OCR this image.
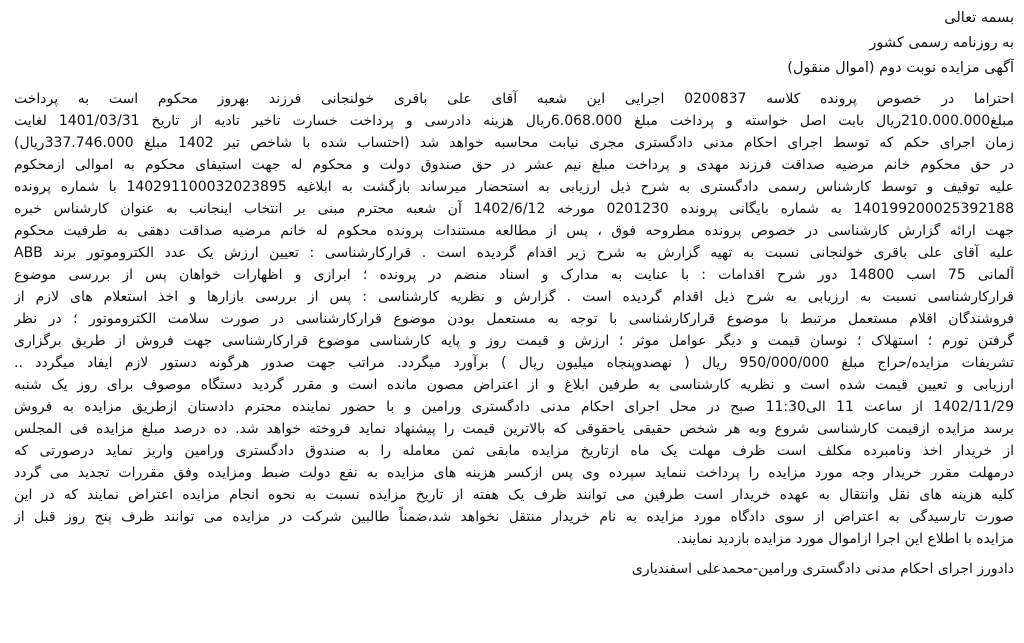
بسمه تعالی
به روزنامه رسمی کشور
آگهی مزایده نوبت دوم (اموال منقول)
احتراما در خصوص پرونده کلاسه 0200837 اجرایی این شعبه آقای علی باقری خولنجانی فرزند بهروز محکوم است به پرداخت
مبلغ210.000.000ریال بابت اصل خواسته و پرداخت مبلغ 6.068.000ریال هزینه دادرسی و پرداخت خسارت تاخیر تادیه از تاریخ 1401/03/31 لغایت
زمان اجرای حکم که توسط اجرای احکام مدنی دادگستری مجری نیابت محاسبه خواهد شد (احتساب شده با شاخص تیر 1402 مبلغ 337.746.000ریال)
در حق محکوم خانم مرضیه صداقت فرزند مهدی و پرداخت مبلغ نیم عشر در حق صندوق دولت و محکوم له جهت استیفای محکوم به اموالی ازمحکوم
علیه توقیف و توسط کارشناس رسمی دادگستری به شرح ذیل ارزیابی به استحضار میرساند بازگشت به ابلاغیه 140291100032023895 با شماره پرونده
140199200025392188 به شماره بایگانی پرونده 0201230 مورخه 1402/6/12 آن شعبه محترم مبنی بر انتخاب اینجانب به عنوان کارشناس خبره
جهت ارائه گزارش کارشناسی در خصوص پرونده مطروحه فوق ، پس از مطالعه مستندات پرونده محکوم له خانم مرضیه صداقت دهقی به طرفیت محکوم
علیه آقای علی باقری خولنجانی نسبت به تهیه گزارش به شرح زیر اقدام گردیده است . قرارکارشناسی : تعیین ارزش یک عدد الکتروموتور برند ABB
آلمانی 75 اسب 14800 دور شرح اقدامات : با عنایت به مدارک و اسناد منضم در پرونده ؛ ابرازی و اظهارات خواهان پس از بررسی موضوع
قرارکارشناسی نسبت به ارزیابی به شرح ذیل اقدام گردیده است . گزارش و نظریه کارشناسی : پس از بررسی بازارها و اخذ استعلام های لازم از
فروشندگان اقلام مستعمل مرتبط با موضوع قرارکارشناسی با توجه به مستعمل بودن موضوع قرارکارشناسی در صورت سلامت الکتروموتور ؛ در نظر
گرفتن تورم ؛ استهلاک ؛ نوسان قیمت و دیگر عوامل موثر ؛ ارزش و قیمت روز و پایه کارشناسی موضوع قرارکارشناسی جهت فروش از طریق برگزاری
تشریفات مزایده/حراج مبلغ 950/000/000 ریال ( نهصدوپنجاه میلیون ریال ) برآورد میگردد. مراتب جهت صدور هرگونه دستور لازم ایفاد میگردد ..
ارزیابی و تعیین قیمت شده است و نظریه کارشناسی به طرفین ابلاغ و از اعتراض مصون مانده است و مقرر گردید دستگاه موصوف برای روز یک شنبه
1402/11/29 از ساعت 11 الی11:30 صبح در محل اجرای احکام مدنی دادگستری ورامین و با حضور نماینده محترم دادستان ازطریق مزایده به فروش
برسد مزایده ازقیمت کارشناسی شروع وبه هر شخص حقیقی یاحقوقی که بالاترین قیمت را پیشنهاد نماید فروخته خواهد شد. ده درصد مبلغ مزایده فی المجلس
از خریدار اخذ ونامبرده مکلف است ظرف مهلت یک ماه ازتاریخ مزایده مابقی ثمن معامله را به صندوق دادگستری ورامین واریز نماید درصورتی که
درمهلت مقرر خریدار وجه مورد مزایده را پرداخت ننماید سپرده وی پس ازکسر هزینه های مزایده به نفع دولت ضبط ومزایده وفق مقررات تجدید می گردد
کلیه هزینه های نقل وانتقال به عهده خریدار است طرفین می توانند ظرف یک هفته از تاریخ مزایده نسبت به نحوه انجام مزایده اعتراض نمایند که در این
صورت تارسیدگی به اعتراض از سوی دادگاه مورد مزایده به نام خریدار منتقل نخواهد شد،ضمناً طالبین شرکت در مزایده می توانند ظرف پنج روز قبل از
مزایده با اطلاع این اجرا ازاموال مورد مزایده بازدید نمایند.
دادورز اجرای احکام مدنی دادگستری ورامین-محمدعلی اسفندیاری
